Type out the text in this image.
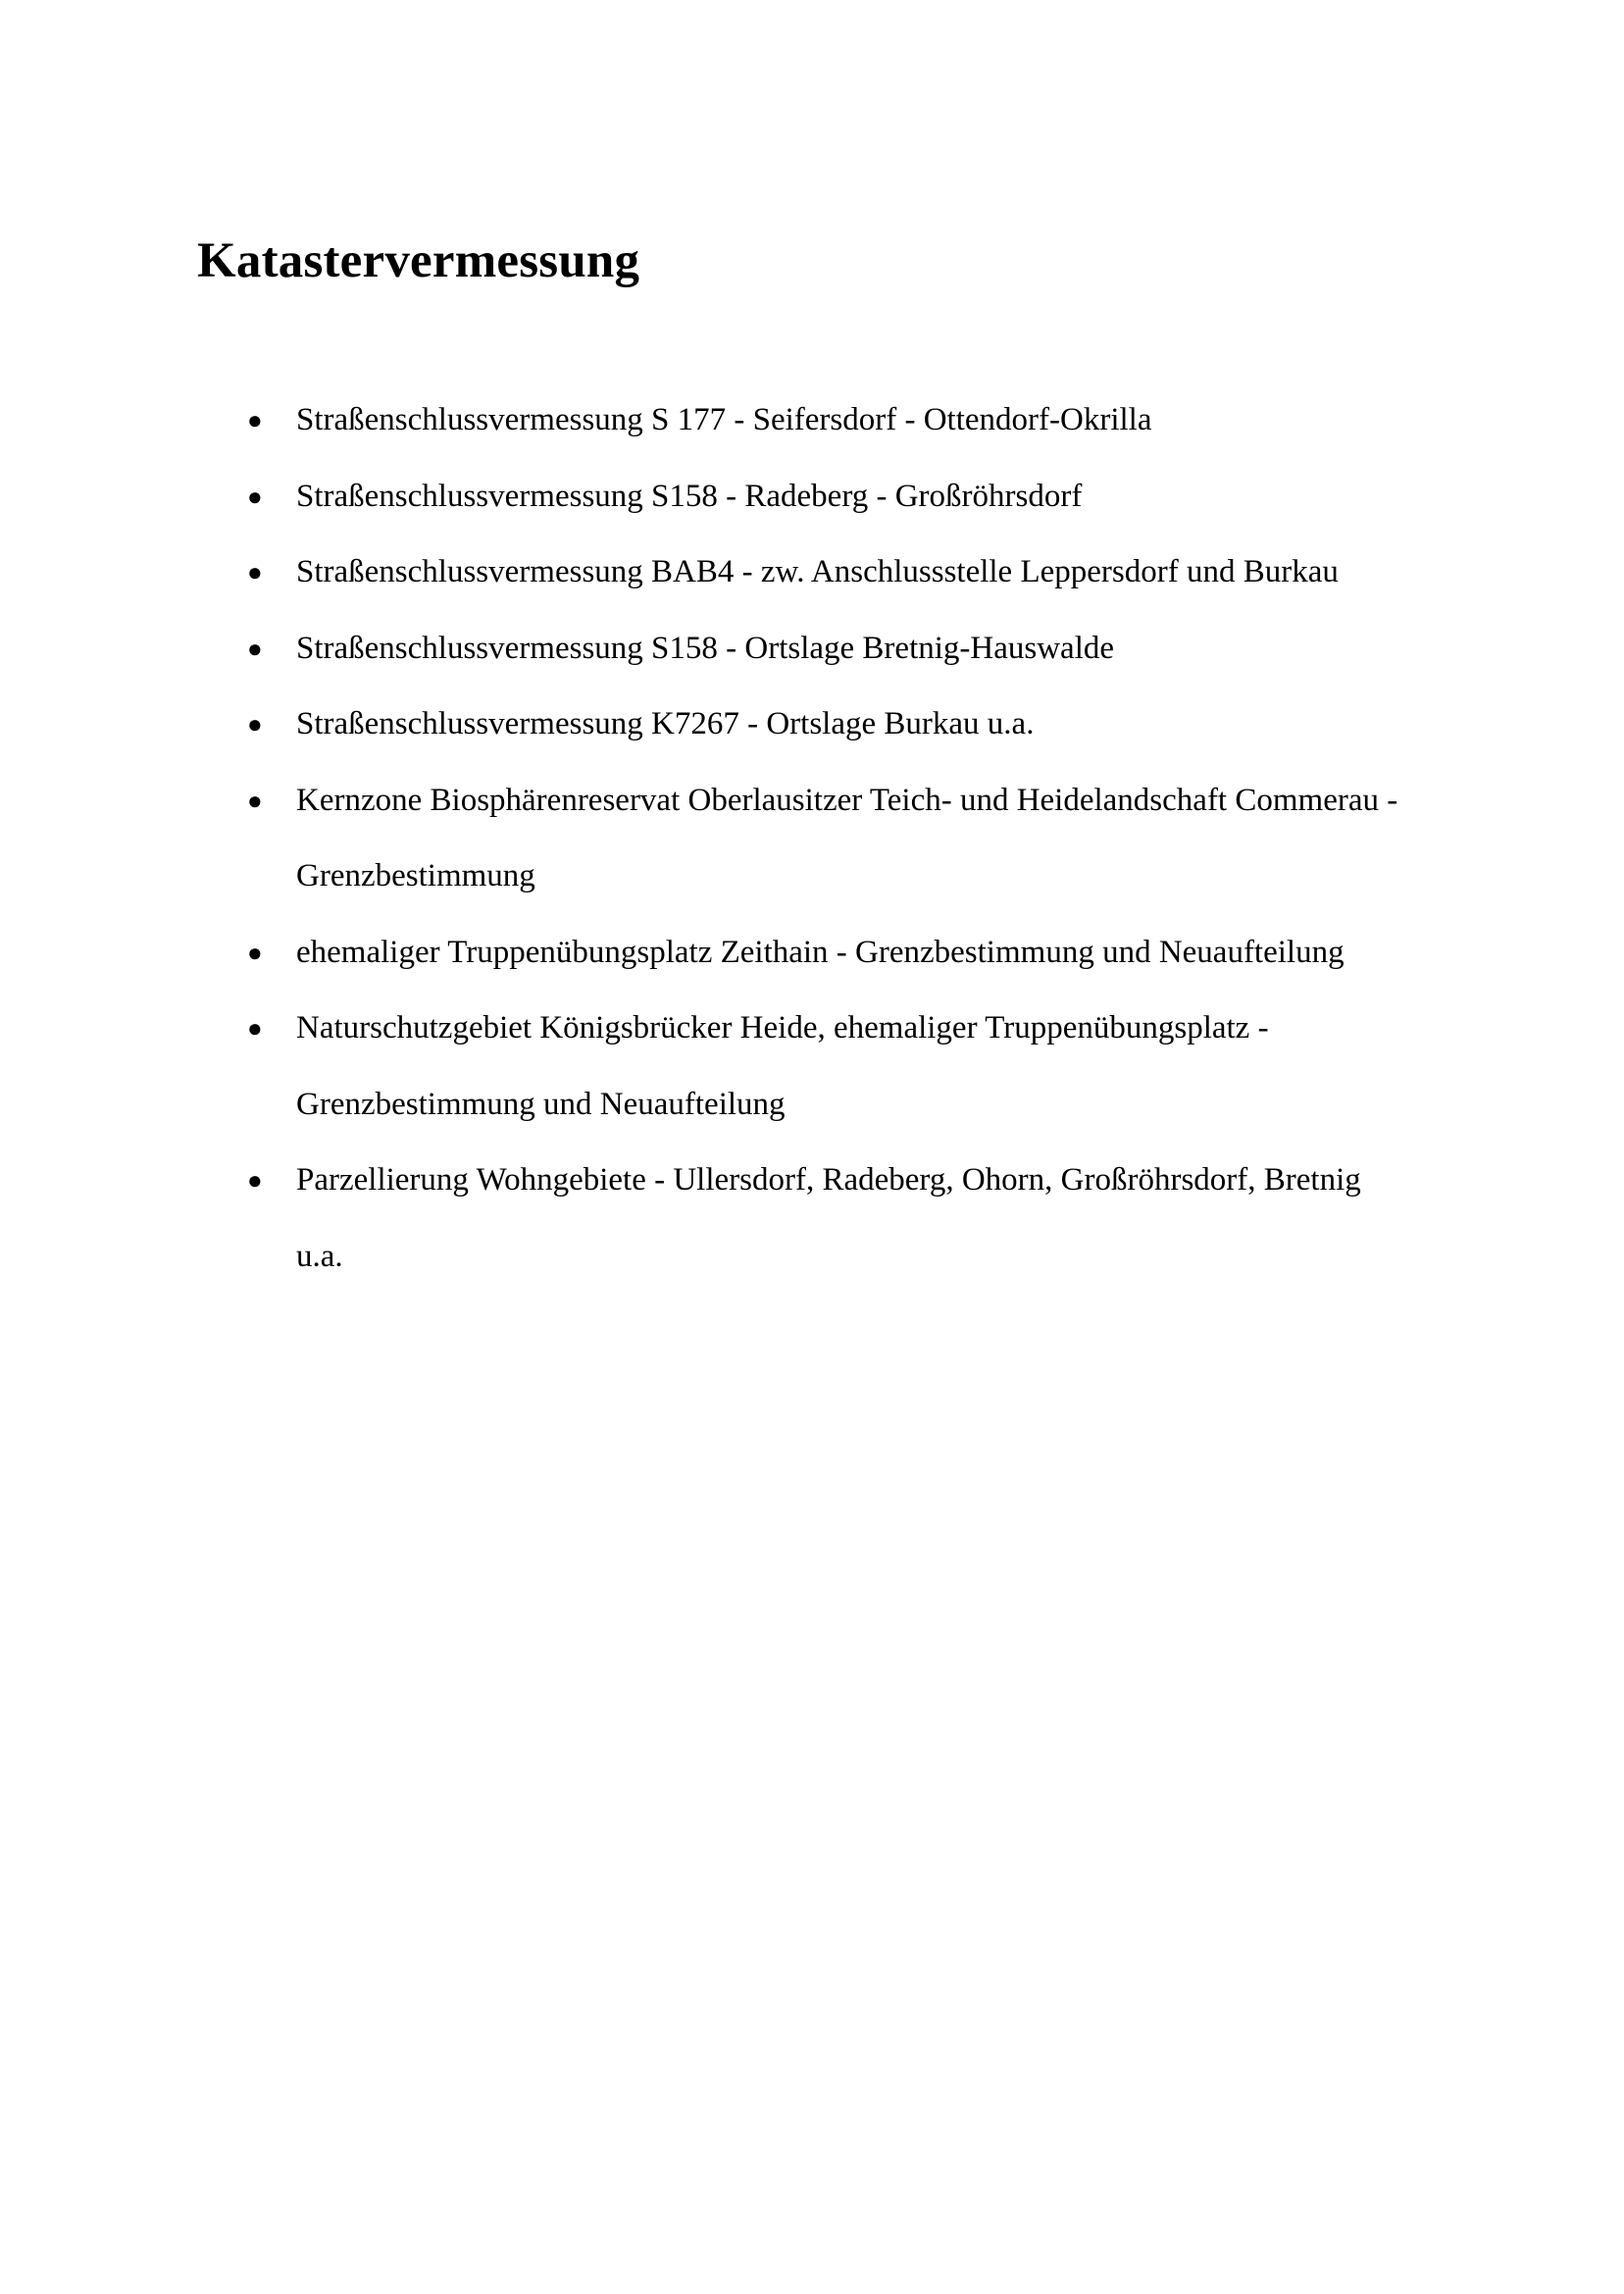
Katastervermessung
● Straßenschlussvermessung S 177 - Seifersdorf - Ottendorf-Okrilla
● Straßenschlussvermessung S158 - Radeberg - Großröhrsdorf
● Straßenschlussvermessung BAB4 - zw. Anschlussstelle Leppersdorf und Burkau
● Straßenschlussvermessung S158 - Ortslage Bretnig-Hauswalde
● Straßenschlussvermessung K7267 - Ortslage Burkau u.a.
● Kernzone Biosphärenreservat Oberlausitzer Teich- und Heidelandschaft Commerau -
Grenzbestimmung
● ehemaliger Truppenübungsplatz Zeithain - Grenzbestimmung und Neuaufteilung
● Naturschutzgebiet Königsbrücker Heide, ehemaliger Truppenübungsplatz -
Grenzbestimmung und Neuaufteilung
● Parzellierung Wohngebiete - Ullersdorf, Radeberg, Ohorn, Großröhrsdorf, Bretnig
u.a.
